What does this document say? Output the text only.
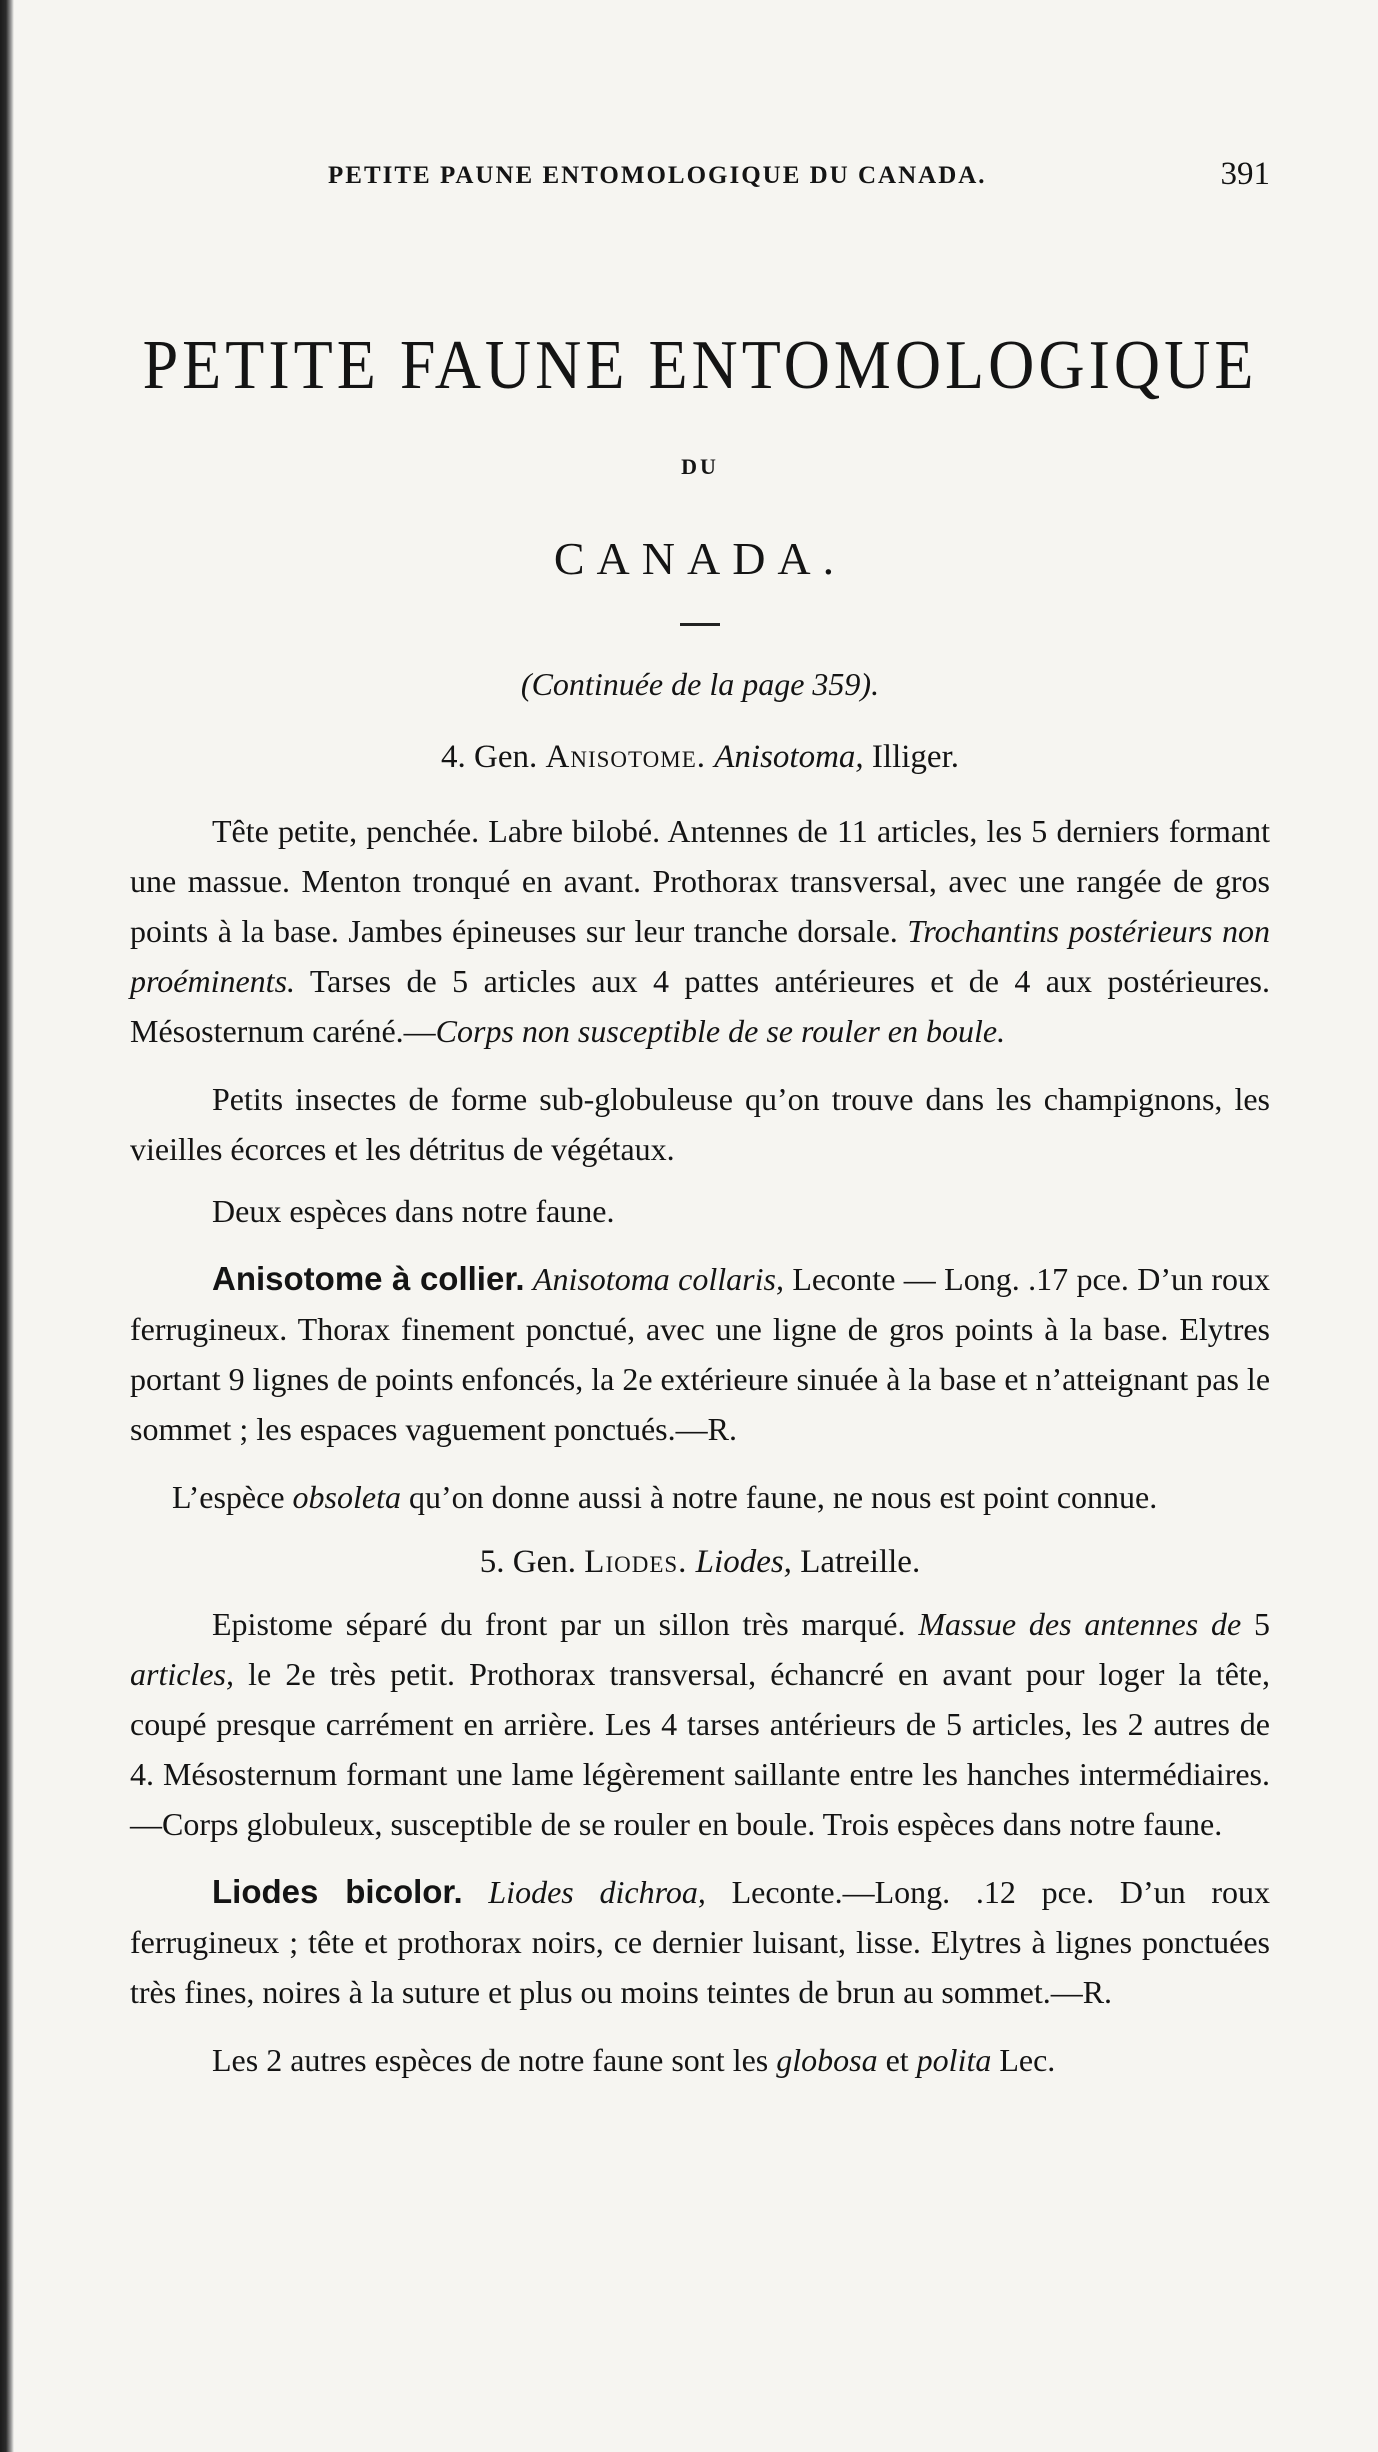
PETITE PAUNE ENTOMOLOGIQUE DU CANADA.	391
PETITE FAUNE ENTOMOLOGIQUE
DU
CANADA.
(Continuée de la page 359).
4. Gen. Anisotome. Anisotoma, Illiger.

Tête petite, penchée. Labre bilobé. Antennes de 11 articles, les 5 derniers formant une massue. Menton tronqué en avant. Prothorax transversal, avec une rangée de gros points à la base. Jambes épineuses sur leur tranche dorsale. Trochantins postérieurs non proéminents. Tarses de 5 articles aux 4 pattes antérieures et de 4 aux postérieures. Mésosternum caréné.—Corps non susceptible de se rouler en boule.

Petits insectes de forme sub-globuleuse qu’on trouve dans les champignons, les vieilles écorces et les détritus de végétaux.

Deux espèces dans notre faune.

Anisotome à collier. Anisotoma collaris, Leconte — Long. .17 pce. D’un roux ferrugineux. Thorax finement ponctué, avec une ligne de gros points à la base. Elytres portant 9 lignes de points enfoncés, la 2e extérieure sinuée à la base et n’atteignant pas le sommet ; les espaces vaguement ponctués.—R.

L’espèce obsoleta qu’on donne aussi à notre faune, ne nous est point connue.

5. Gen. Liodes. Liodes, Latreille.

Epistome séparé du front par un sillon très marqué. Massue des antennes de 5 articles, le 2e très petit. Prothorax transversal, échancré en avant pour loger la tête, coupé presque carrément en arrière. Les 4 tarses antérieurs de 5 articles, les 2 autres de 4. Mésosternum formant une lame légèrement saillante entre les hanches intermédiaires.—Corps globuleux, susceptible de se rouler en boule. Trois espèces dans notre faune.

Liodes bicolor. Liodes dichroa, Leconte.—Long. .12 pce. D’un roux ferrugineux ; tête et prothorax noirs, ce dernier luisant, lisse. Elytres à lignes ponctuées très fines, noires à la suture et plus ou moins teintes de brun au sommet.—R.

Les 2 autres espèces de notre faune sont les globosa et polita Lec.
